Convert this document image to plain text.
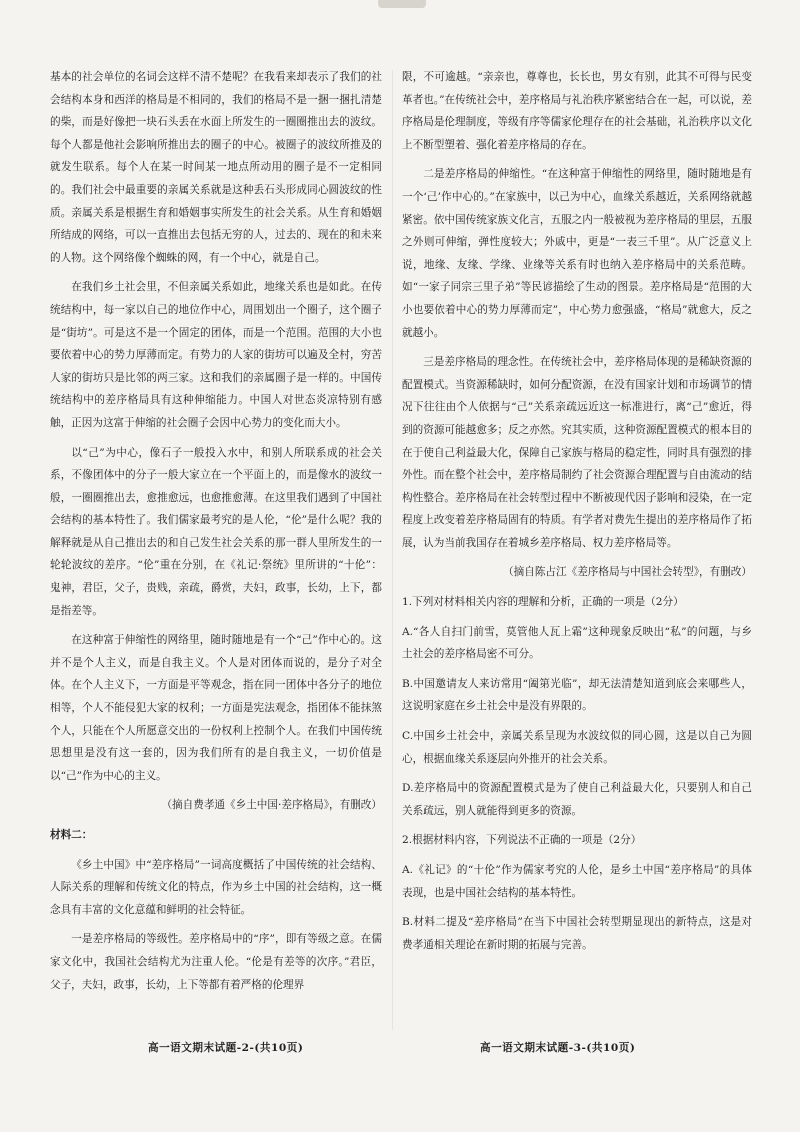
基本的社会单位的名词会这样不清不楚呢？在我看来却表示了我们的社会结构本身和西洋的格局是不相同的，我们的格局不是一捆一捆扎清楚的柴，而是好像把一块石头丢在水面上所发生的一圈圈推出去的波纹。每个人都是他社会影响所推出去的圈子的中心。被圈子的波纹所推及的就发生联系。每个人在某一时间某一地点所动用的圈子是不一定相同的。我们社会中最重要的亲属关系就是这种丢石头形成同心圆波纹的性质。亲属关系是根据生育和婚姻事实所发生的社会关系。从生育和婚姻所结成的网络，可以一直推出去包括无穷的人，过去的、现在的和未来的人物。这个网络像个蜘蛛的网，有一个中心，就是自己。

在我们乡土社会里，不但亲属关系如此，地缘关系也是如此。在传统结构中，每一家以自己的地位作中心，周围划出一个圈子，这个圈子是“街坊”。可是这不是一个固定的团体，而是一个范围。范围的大小也要依着中心的势力厚薄而定。有势力的人家的街坊可以遍及全村，穷苦人家的街坊只是比邻的两三家。这和我们的亲属圈子是一样的。中国传统结构中的差序格局具有这种伸缩能力。中国人对世态炎凉特别有感触，正因为这富于伸缩的社会圈子会因中心势力的变化而大小。

以“己”为中心，像石子一般投入水中，和别人所联系成的社会关系，不像团体中的分子一般大家立在一个平面上的，而是像水的波纹一般，一圈圈推出去，愈推愈远，也愈推愈薄。在这里我们遇到了中国社会结构的基本特性了。我们儒家最考究的是人伦，“伦”是什么呢？我的解释就是从自己推出去的和自己发生社会关系的那一群人里所发生的一轮轮波纹的差序。“伦”重在分别，在《礼记·祭统》里所讲的“十伦”：鬼神，君臣，父子，贵贱，亲疏，爵赏，夫妇，政事，长幼，上下，都是指差等。

在这种富于伸缩性的网络里，随时随地是有一个“己”作中心的。这并不是个人主义，而是自我主义。个人是对团体而说的，是分子对全体。在个人主义下，一方面是平等观念，指在同一团体中各分子的地位相等，个人不能侵犯大家的权利；一方面是宪法观念，指团体不能抹煞个人，只能在个人所愿意交出的一份权利上控制个人。在我们中国传统思想里是没有这一套的，因为我们所有的是自我主义，一切价值是以“己”作为中心的主义。

（摘自费孝通《乡土中国·差序格局》，有删改）

材料二：

《乡土中国》中“差序格局”一词高度概括了中国传统的社会结构、人际关系的理解和传统文化的特点，作为乡土中国的社会结构，这一概念具有丰富的文化意蕴和鲜明的社会特征。

一是差序格局的等级性。差序格局中的“序”，即有等级之意。在儒家文化中，我国社会结构尤为注重人伦。“伦是有差等的次序。”君臣，父子，夫妇，政事，长幼，上下等都有着严格的伦理界

限，不可逾越。“亲亲也，尊尊也，长长也，男女有别，此其不可得与民变革者也。”在传统社会中，差序格局与礼治秩序紧密结合在一起，可以说，差序格局是伦理制度，等级有序等儒家伦理存在的社会基础，礼治秩序以文化上不断型塑着、强化着差序格局的存在。

二是差序格局的伸缩性。“在这种富于伸缩性的网络里，随时随地是有一个‘己’作中心的。”在家族中，以己为中心，血缘关系越近，关系网络就越紧密。依中国传统家族文化言，五服之内一般被视为差序格局的里层，五服之外则可伸缩，弹性度较大；外戚中，更是“一表三千里”。从广泛意义上说，地缘、友缘、学缘、业缘等关系有时也纳入差序格局中的关系范畴。如“一家子同宗三里子弟”等民谚描绘了生动的图景。差序格局是“范围的大小也要依着中心的势力厚薄而定”，中心势力愈强盛，“格局”就愈大，反之就越小。

三是差序格局的理念性。在传统社会中，差序格局体现的是稀缺资源的配置模式。当资源稀缺时，如何分配资源，在没有国家计划和市场调节的情况下往往由个人依据与“己”关系亲疏远近这一标准进行，离“己”愈近，得到的资源可能越愈多；反之亦然。究其实质，这种资源配置模式的根本目的在于使自己利益最大化，保障自己家族与格局的稳定性，同时具有强烈的排外性。而在整个社会中，差序格局制约了社会资源合理配置与自由流动的结构性整合。差序格局在社会转型过程中不断被现代因子影响和浸染，在一定程度上改变着差序格局固有的特质。有学者对费先生提出的差序格局作了拓展，认为当前我国存在着城乡差序格局、权力差序格局等。

（摘自陈占江《差序格局与中国社会转型》，有删改）

1.下列对材料相关内容的理解和分析，正确的一项是（2分）

A.“各人自扫门前雪，莫管他人瓦上霜”这种现象反映出“私”的问题，与乡土社会的差序格局密不可分。

B.中国邀请友人来访常用“阖第光临”，却无法清楚知道到底会来哪些人，这说明家庭在乡土社会中是没有界限的。

C.中国乡土社会中，亲属关系呈现为水波纹似的同心圆，这是以自己为圆心，根据血缘关系逐层向外推开的社会关系。

D.差序格局中的资源配置模式是为了使自己利益最大化，只要别人和自己关系疏远，别人就能得到更多的资源。

2.根据材料内容，下列说法不正确的一项是（2分）

A.《礼记》的“十伦”作为儒家考究的人伦，是乡土中国“差序格局”的具体表现，也是中国社会结构的基本特性。

B.材料二提及“差序格局”在当下中国社会转型期显现出的新特点，这是对费孝通相关理论在新时期的拓展与完善。

高一语文期末试题-2-(共10页)	高一语文期末试题-3-(共10页)
